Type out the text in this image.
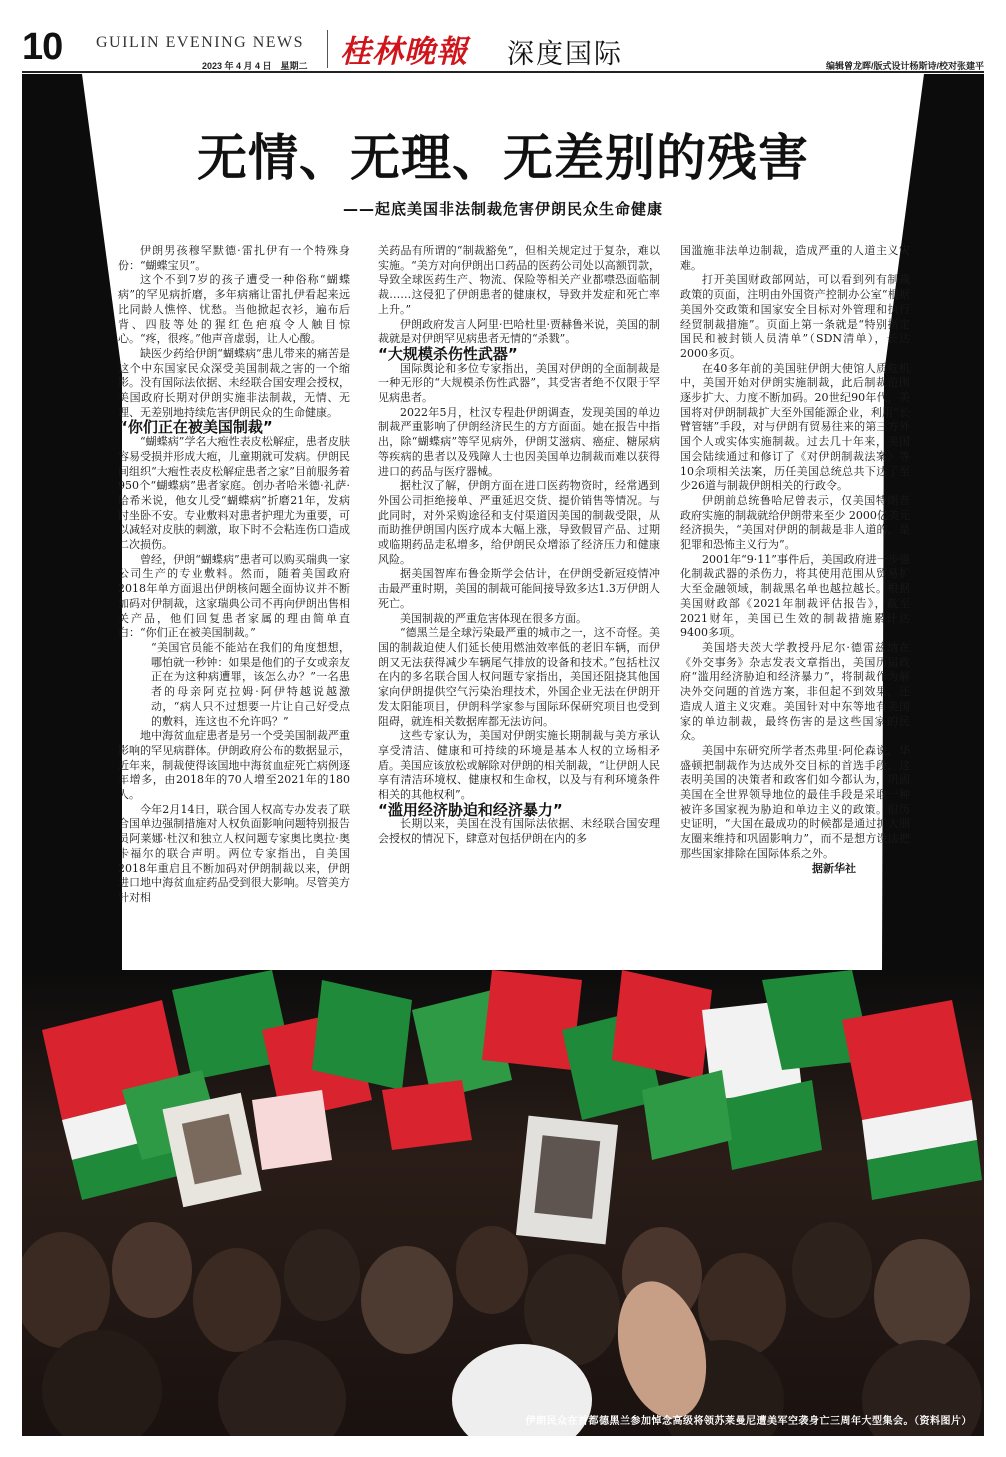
10 GUILIN EVENING NEWS
2023 年 4 月 4 日　星期二 桂林晚報 深度国际	编辑曾龙晖/版式设计杨斯诗/校对张建平
无情、无理、无差别的残害
——起底美国非法制裁危害伊朗民众生命健康

伊朗男孩穆罕默德·雷扎伊有一个特殊身份：“蝴蝶宝贝”。

这个不到7岁的孩子遭受一种俗称“蝴蝶病”的罕见病折磨，多年病痛让雷扎伊看起来远比同龄人憔悴、忧愁。当他掀起衣衫，遍布后背、四肢等处的猩红色疤痕令人触目惊心。“疼，很疼。”他声音虚弱，让人心酸。

缺医少药给伊朗“蝴蝶病”患儿带来的痛苦是这个中东国家民众深受美国制裁之害的一个缩影。没有国际法依据、未经联合国安理会授权，美国政府长期对伊朗实施非法制裁，无情、无理、无差别地持续危害伊朗民众的生命健康。

“你们正在被美国制裁”

“蝴蝶病”学名大疱性表皮松解症，患者皮肤容易受损并形成大疱，儿童期就可发病。伊朗民间组织“大疱性表皮松解症患者之家”目前服务着950个“蝴蝶病”患者家庭。创办者哈米德·礼萨·哈希米说，他女儿受“蝴蝶病”折磨21年，发病时坐卧不安。专业敷料对患者护理尤为重要，可以减轻对皮肤的刺激，取下时不会粘连伤口造成二次损伤。

曾经，伊朗“蝴蝶病”患者可以购买瑞典一家公司生产的专业敷料。然而，随着美国政府2018年单方面退出伊朗核问题全面协议并不断加码对伊制裁，这家瑞典公司不再向伊朗出售相关产品，他们回复患者家属的理由简单直白：“你们正在被美国制裁。”

“美国官员能不能站在我们的角度想想，哪怕就一秒钟：如果是他们的子女或亲友正在为这种病遭罪，该怎么办？”一名患者的母亲阿克拉姆·阿伊特越说越激动，“病人只不过想要一片让自己好受点的敷料，连这也不允许吗？”

地中海贫血症患者是另一个受美国制裁严重影响的罕见病群体。伊朗政府公布的数据显示，近年来，制裁使得该国地中海贫血症死亡病例逐年增多，由2018年的70人增至2021年的180人。

今年2月14日，联合国人权高专办发表了联合国单边强制措施对人权负面影响问题特别报告员阿莱娜·杜汉和独立人权问题专家奥比奥拉·奥卡福尔的联合声明。两位专家指出，自美国2018年重启且不断加码对伊朗制裁以来，伊朗进口地中海贫血症药品受到很大影响。尽管美方针对相

关药品有所谓的“制裁豁免”，但相关规定过于复杂，难以实施。“美方对向伊朗出口药品的医药公司处以高额罚款，导致全球医药生产、物流、保险等相关产业都噤恐面临制裁……这侵犯了伊朗患者的健康权，导致并发症和死亡率上升。”

伊朗政府发言人阿里·巴哈杜里·贾赫鲁米说，美国的制裁就是对伊朗罕见病患者无情的“杀戮”。

“大规模杀伤性武器”

国际舆论和多位专家指出，美国对伊朗的全面制裁是一种无形的“大规模杀伤性武器”，其受害者绝不仅限于罕见病患者。

2022年5月，杜汉专程赴伊朗调查，发现美国的单边制裁严重影响了伊朗经济民生的方方面面。她在报告中指出，除“蝴蝶病”等罕见病外，伊朗艾滋病、癌症、糖尿病等疾病的患者以及残障人士也因美国单边制裁而难以获得进口的药品与医疗器械。

据杜汉了解，伊朗方面在进口医药物资时，经常遇到外国公司拒绝接单、严重延迟交货、提价销售等情况。与此同时，对外采购途径和支付渠道因美国的制裁受限，从而助推伊朗国内医疗成本大幅上涨，导致假冒产品、过期或临期药品走私增多，给伊朗民众增添了经济压力和健康风险。

据美国智库布鲁金斯学会估计，在伊朗受新冠疫情冲击最严重时期，美国的制裁可能间接导致多达1.3万伊朗人死亡。

美国制裁的严重危害体现在很多方面。

“德黑兰是全球污染最严重的城市之一，这不奇怪。美国的制裁迫使人们延长使用燃油效率低的老旧车辆，而伊朗又无法获得减少车辆尾气排放的设备和技术。”包括杜汉在内的多名联合国人权问题专家指出，美国还阻挠其他国家向伊朗提供空气污染治理技术，外国企业无法在伊朗开发太阳能项目，伊朗科学家参与国际环保研究项目也受到阻碍，就连相关数据库都无法访问。

这些专家认为，美国对伊朗实施长期制裁与美方承认享受清洁、健康和可持续的环境是基本人权的立场相矛盾。美国应该放松或解除对伊朗的相关制裁，“让伊朗人民享有清洁环境权、健康权和生命权，以及与有利环境条件相关的其他权利”。

“滥用经济胁迫和经济暴力”

长期以来，美国在没有国际法依据、未经联合国安理会授权的情况下，肆意对包括伊朗在内的多

国滥施非法单边制裁，造成严重的人道主义灾难。

打开美国财政部网站，可以看到列有制裁政策的页面，注明由外国资产控制办公室“根据美国外交政策和国家安全目标对外管理和执行经贸制裁措施”。页面上第一条就是“特别指定国民和被封锁人员清单”（SDN清单），长达2000多页。

在40多年前的美国驻伊朗大使馆人质危机中，美国开始对伊朗实施制裁，此后制裁范围逐步扩大、力度不断加码。20世纪90年代，美国将对伊朗制裁扩大至外国能源企业，利用“长臂管辖”手段，对与伊朗有贸易往来的第三方外国个人或实体实施制裁。过去几十年来，美国国会陆续通过和修订了《对伊朗制裁法案》等10余项相关法案，历任美国总统总共下达了至少26道与制裁伊朗相关的行政令。

伊朗前总统鲁哈尼曾表示，仅美国特朗普政府实施的制裁就给伊朗带来至少 2000亿美元经济损失，“美国对伊朗的制裁是非人道的，是犯罪和恐怖主义行为”。

2001年“9·11”事件后，美国政府进一步强化制裁武器的杀伤力，将其使用范围从贸易扩大至金融领域，制裁黑名单也越拉越长。根据美国财政部《2021年制裁评估报告》，截至2021财年，美国已生效的制裁措施累计达9400多项。

美国塔夫茨大学教授丹尼尔·德雷兹纳在《外交事务》杂志发表文章指出，美国历届政府“滥用经济胁迫和经济暴力”，将制裁作为解决外交问题的首选方案，非但起不到效果，还造成人道主义灾难。美国针对中东等地有美国家的单边制裁，最终伤害的是这些国家的民众。

美国中东研究所学者杰弗里·阿伦森说，华盛顿把制裁作为达成外交目标的首选手段，这表明美国的决策者和政客们如今都认为，巩固美国在全世界领导地位的最佳手段是采取一种被许多国家视为胁迫和单边主义的政策。但历史证明，“大国在最成功的时候都是通过扩大朋友圈来维持和巩固影响力”，而不是想方设法把那些国家排除在国际体系之外。

据新华社

伊朗民众在首都德黑兰参加悼念高级将领苏莱曼尼遭美军空袭身亡三周年大型集会。（资料图片）
